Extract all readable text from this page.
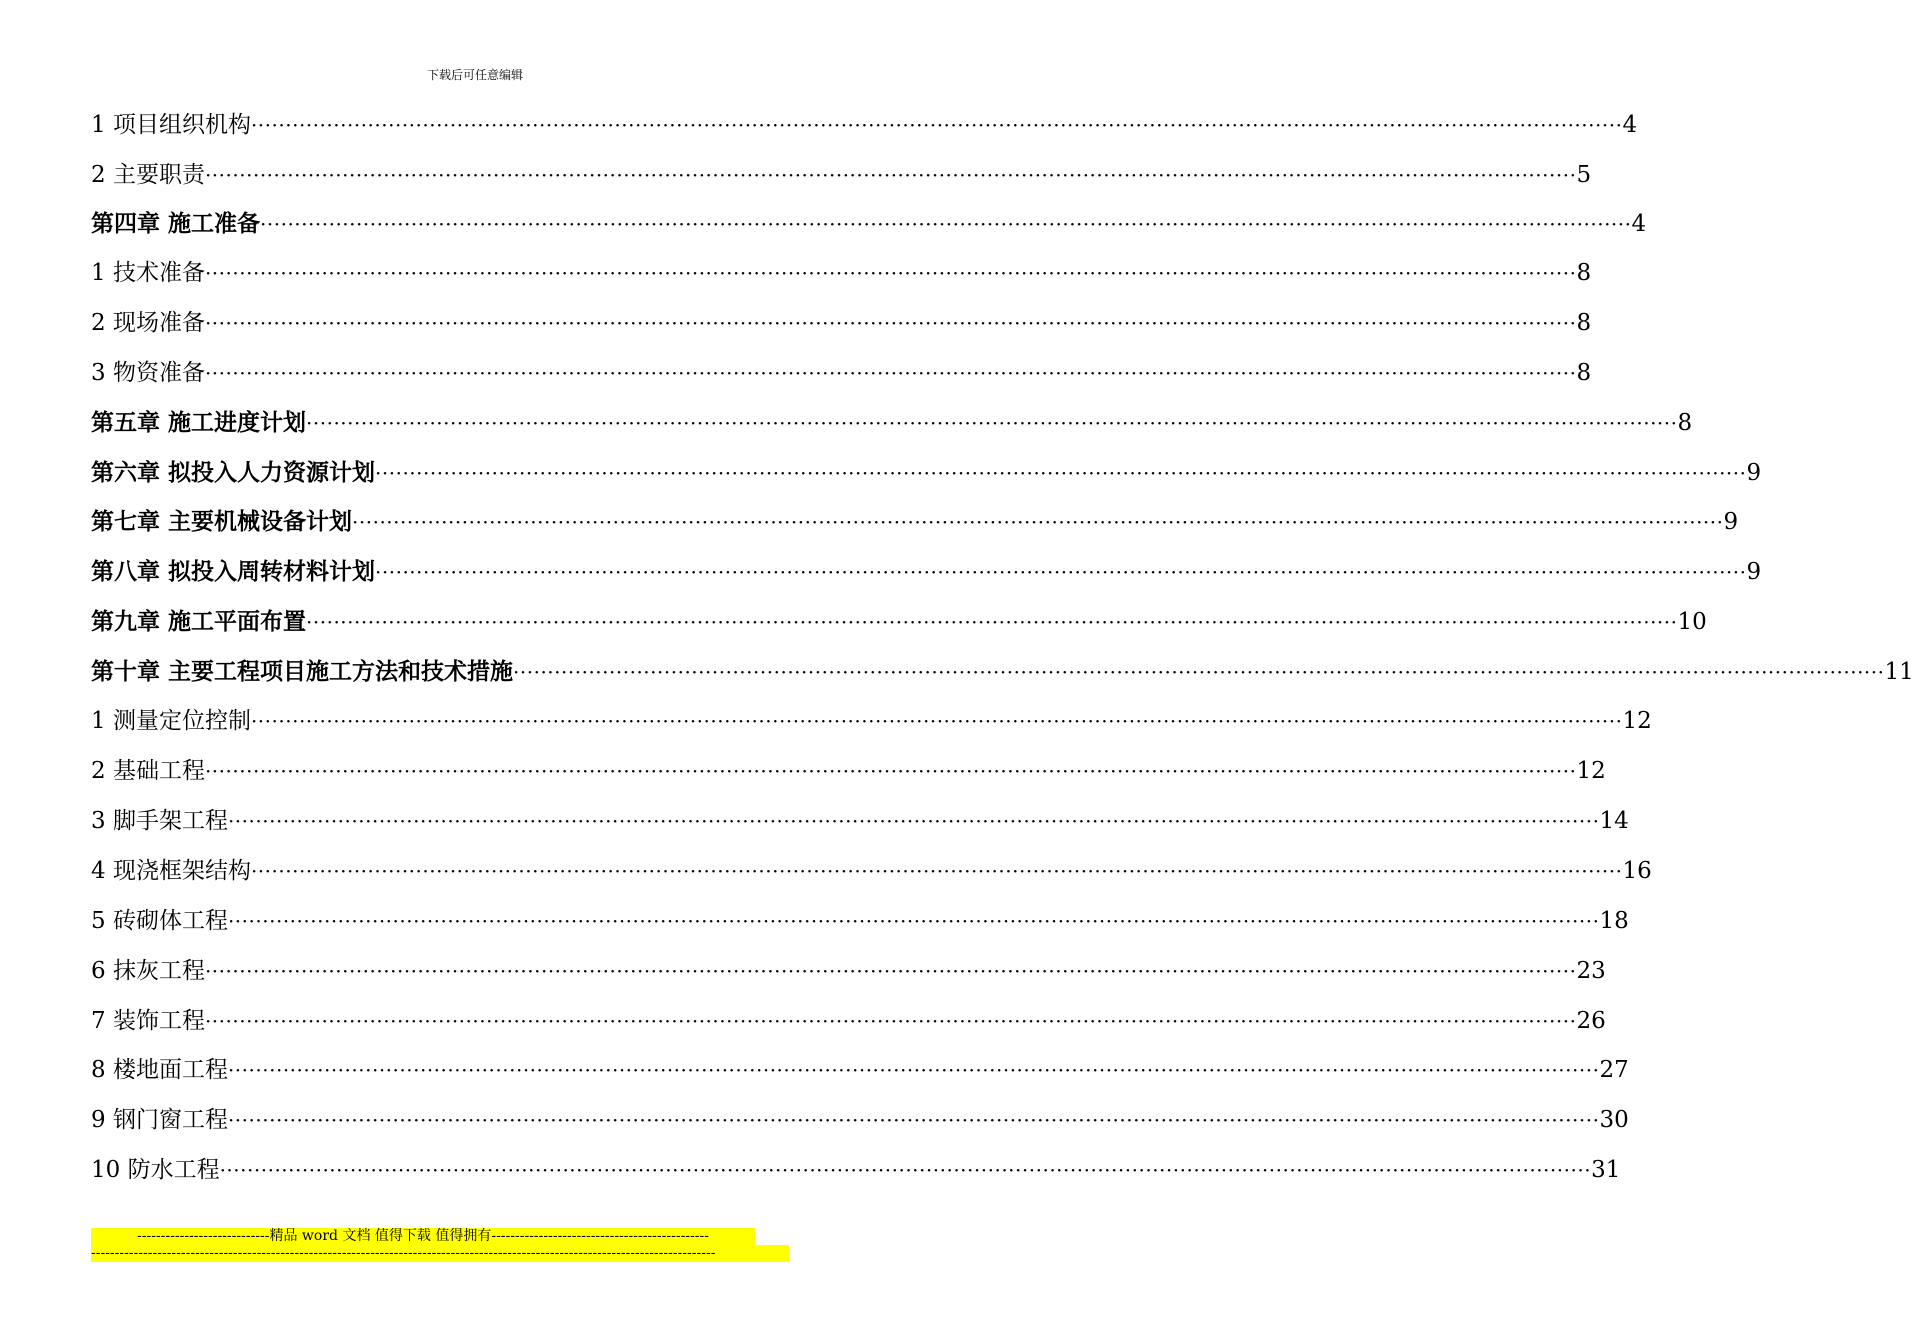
下载后可任意编辑
1 项目组织机构 ········································································································································································································ 4
2 主要职责 ········································································································································································································ 5
第四章 施工准备 ········································································································································································································ 4
1 技术准备 ········································································································································································································ 8
2 现场准备 ········································································································································································································ 8
3 物资准备 ········································································································································································································ 8
第五章 施工进度计划 ········································································································································································································ 8
第六章 拟投入人力资源计划 ········································································································································································································ 9
第七章 主要机械设备计划 ········································································································································································································ 9
第八章 拟投入周转材料计划 ········································································································································································································ 9
第九章 施工平面布置 ········································································································································································································ 10
第十章 主要工程项目施工方法和技术措施 ········································································································································································································ 11
1 测量定位控制 ········································································································································································································ 12
2 基础工程 ········································································································································································································ 12
3 脚手架工程 ········································································································································································································ 14
4 现浇框架结构 ········································································································································································································ 16
5 砖砌体工程 ········································································································································································································ 18
6 抹灰工程 ········································································································································································································ 23
7 装饰工程 ········································································································································································································ 26
8 楼地面工程 ········································································································································································································ 27
9 钢门窗工程 ········································································································································································································ 30
10 防水工程 ········································································································································································································ 31
----------------------------精品 word 文档 值得下载 值得拥有----------------------------------------------
------------------------------------------------------------------------------------------------------------------------------------
